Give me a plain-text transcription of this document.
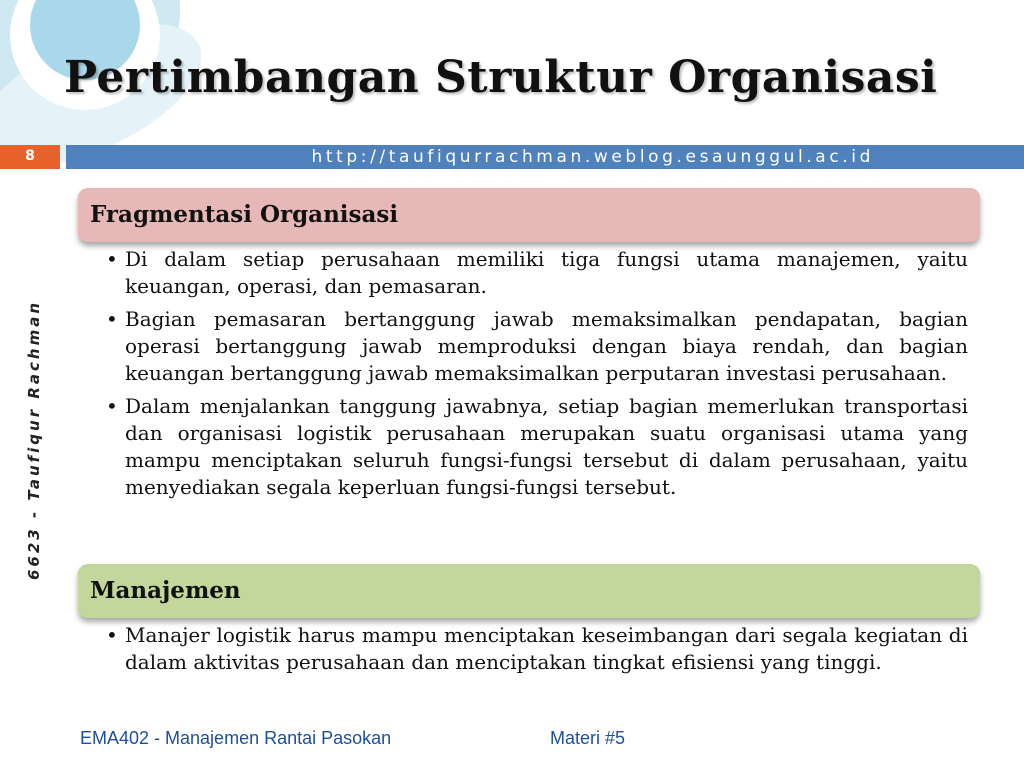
Pertimbangan Struktur Organisasi
8	http://taufiqurrachman.weblog.esaunggul.ac.id
6623 - Taufiqur Rachman
Fragmentasi Organisasi
• Di dalam setiap perusahaan memiliki tiga fungsi utama manajemen, yaitu keuangan, operasi, dan pemasaran.
• Bagian pemasaran bertanggung jawab memaksimalkan pendapatan, bagian operasi bertanggung jawab memproduksi dengan biaya rendah, dan bagian keuangan bertanggung jawab memaksimalkan perputaran investasi perusahaan.
• Dalam menjalankan tanggung jawabnya, setiap bagian memerlukan transportasi dan organisasi logistik perusahaan merupakan suatu organisasi utama yang mampu menciptakan seluruh fungsi-fungsi tersebut di dalam perusahaan, yaitu menyediakan segala keperluan fungsi-fungsi tersebut.
Manajemen
• Manajer logistik harus mampu menciptakan keseimbangan dari segala kegiatan di dalam aktivitas perusahaan dan menciptakan tingkat efisiensi yang tinggi.
EMA402 - Manajemen Rantai Pasokan	Materi #5
